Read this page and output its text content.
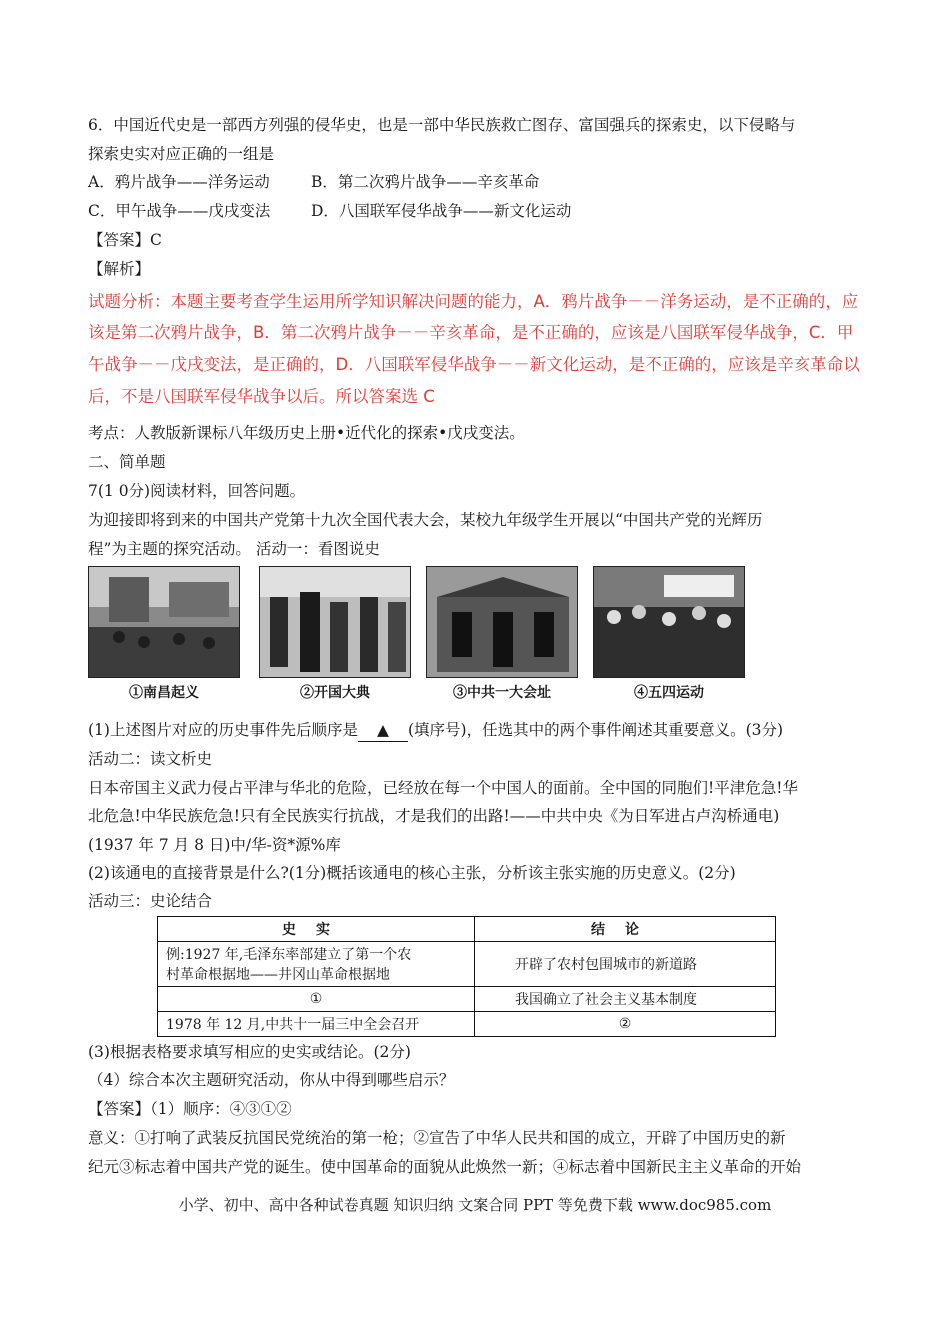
6．中国近代史是一部西方列强的侵华史，也是一部中华民族救亡图存、富国强兵的探索史，以下侵略与
探索史实对应正确的一组是
A．鸦片战争——洋务运动	B．第二次鸦片战争——辛亥革命
C．甲午战争——戊戌变法	D．八国联军侵华战争——新文化运动
【答案】C
【解析】
试题分析：本题主要考查学生运用所学知识解决问题的能力，A．鸦片战争－－洋务运动，是不正确的，应
该是第二次鸦片战争，B．第二次鸦片战争－－辛亥革命，是不正确的，应该是八国联军侵华战争，C．甲
午战争－－戊戌变法，是正确的，D．八国联军侵华战争－－新文化运动，是不正确的，应该是辛亥革命以
后，不是八国联军侵华战争以后。所以答案选 C
考点：人教版新课标八年级历史上册•近代化的探索•戊戌变法。
二、简单题
7(1 0分)阅读材料，回答问题。
为迎接即将到来的中国共产党第十九次全国代表大会，某校九年级学生开展以“中国共产党的光辉历
程”为主题的探究活动。 活动一：看图说史
①南昌起义	②开国大典	③中共一大会址	④五四运动
(1)上述图片对应的历史事件先后顺序是 ▲ (填序号)，任选其中的两个事件阐述其重要意义。(3分)
活动二：读文析史
日本帝国主义武力侵占平津与华北的危险，已经放在每一个中国人的面前。全中国的同胞们!平津危急!华
北危急!中华民族危急!只有全民族实行抗战，才是我们的出路!——中共中央《为日军进占卢沟桥通电)
(1937 年 7 月 8 日)中/华-资*源%库
(2)该通电的直接背景是什么?(1分)概括该通电的核心主张，分析该主张实施的历史意义。(2分)
活动三：史论结合
史实	结论

例:1927 年,毛泽东率部建立了第一个农
村革命根据地——井冈山革命根据地	开辟了农村包围城市的新道路
①	我国确立了社会主义基本制度
1978 年 12 月,中共十一届三中全会召开	②
(3)根据表格要求填写相应的史实或结论。(2分)
（4）综合本次主题研究活动，你从中得到哪些启示？
【答案】（1）顺序：④③①②
意义：①打响了武装反抗国民党统治的第一枪；②宣告了中华人民共和国的成立，开辟了中国历史的新
纪元③标志着中国共产党的诞生。使中国革命的面貌从此焕然一新；④标志着中国新民主主义革命的开始
小学、初中、高中各种试卷真题 知识归纳 文案合同 PPT 等免费下载 www.doc985.com
